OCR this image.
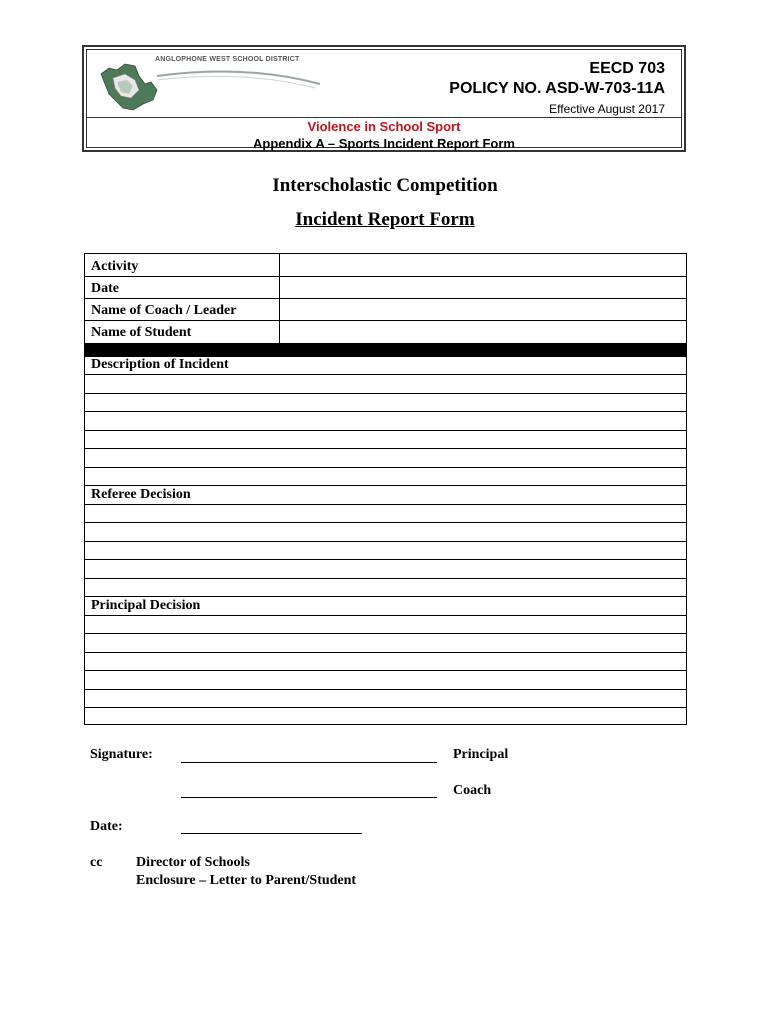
ANGLOPHONE WEST SCHOOL DISTRICT
EECD 703
POLICY NO. ASD-W-703-11A
Effective August 2017
Violence in School Sport
Appendix A – Sports Incident Report Form
Interscholastic Competition
Incident Report Form
Activity
Date
Name of Coach / Leader
Name of Student
Description of Incident
Referee Decision
Principal Decision
Signature:	Principal
Coach
Date:
cc Director of Schools
Enclosure – Letter to Parent/Student
